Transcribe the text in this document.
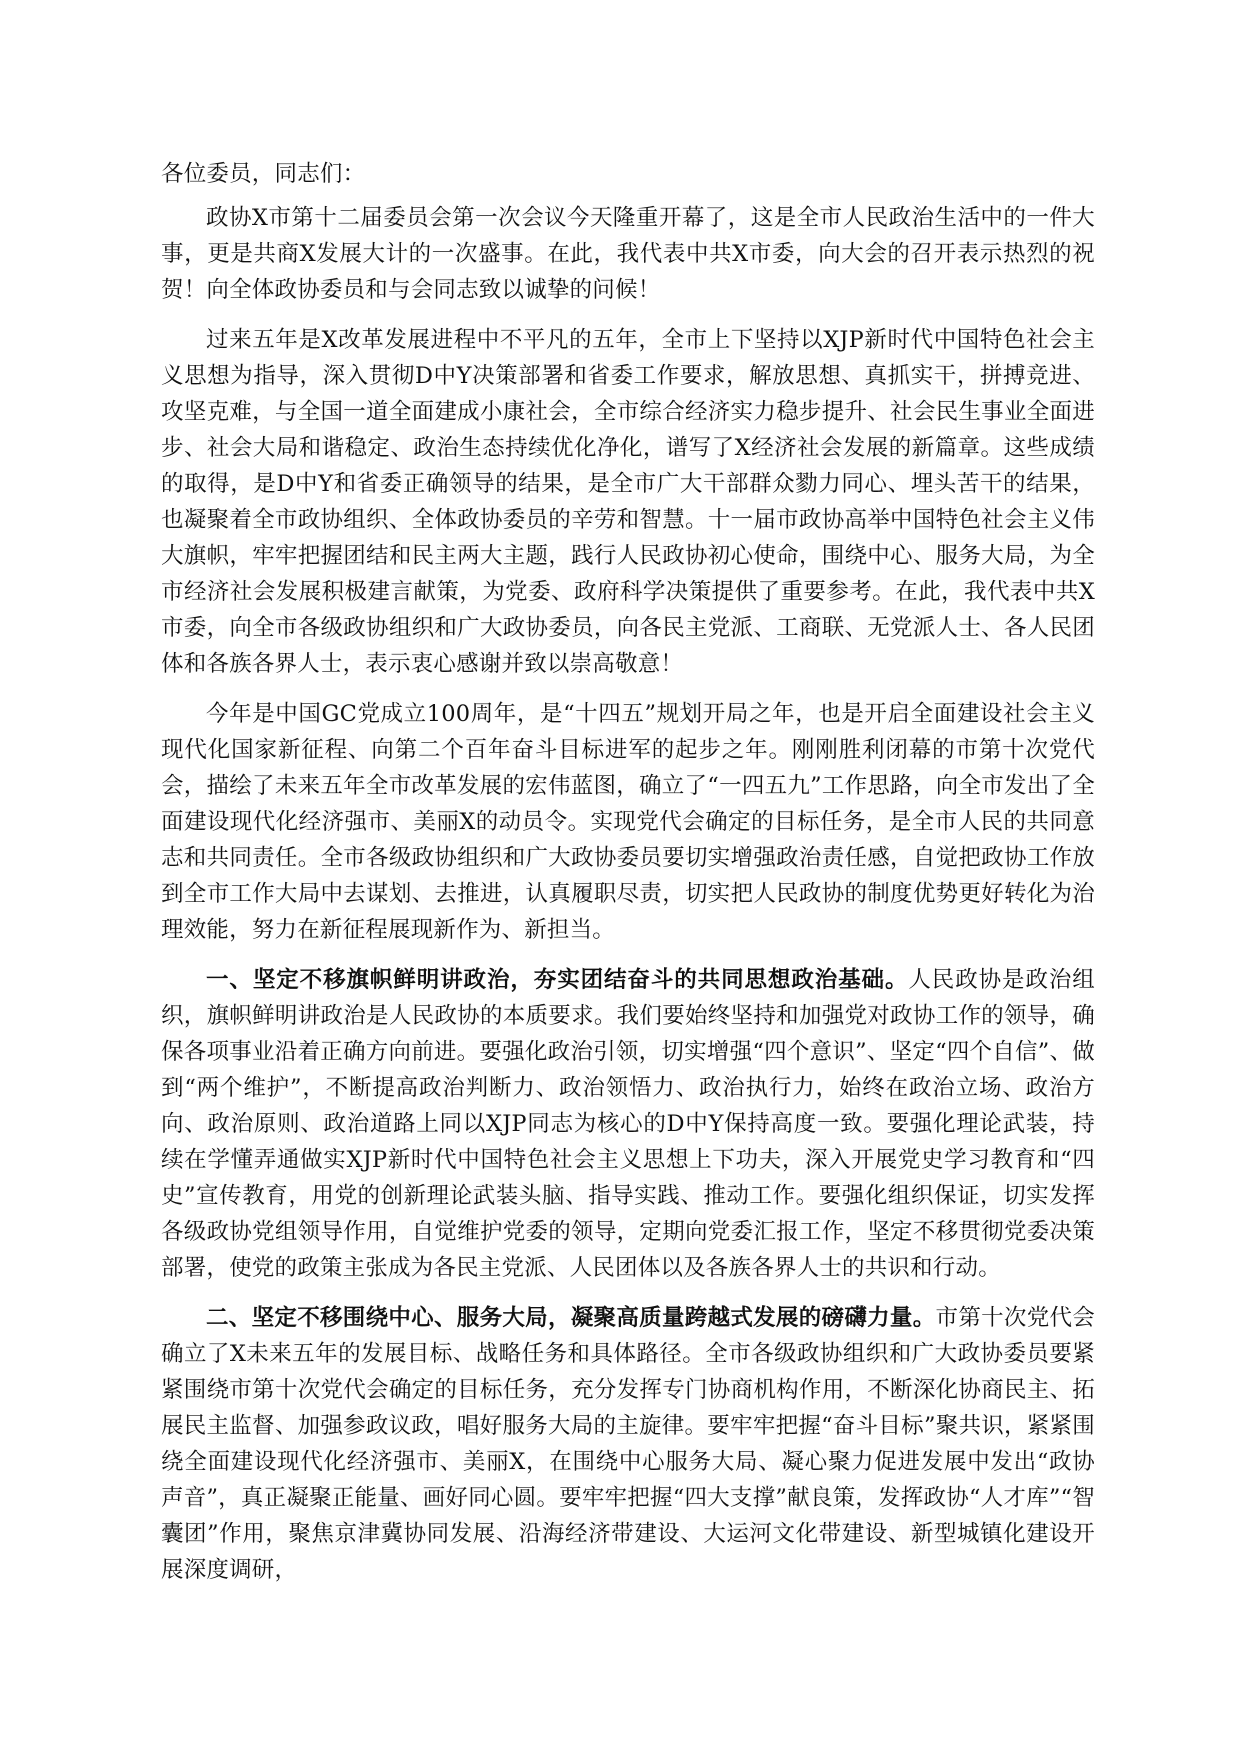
各位委员，同志们：

政协X市第十二届委员会第一次会议今天隆重开幕了，这是全市人民政治生活中的一件大事，更是共商X发展大计的一次盛事。在此，我代表中共X市委，向大会的召开表示热烈的祝贺！向全体政协委员和与会同志致以诚挚的问候！

过来五年是X改革发展进程中不平凡的五年，全市上下坚持以XJP新时代中国特色社会主义思想为指导，深入贯彻D中Y决策部署和省委工作要求，解放思想、真抓实干，拼搏竞进、攻坚克难，与全国一道全面建成小康社会，全市综合经济实力稳步提升、社会民生事业全面进步、社会大局和谐稳定、政治生态持续优化净化，谱写了X经济社会发展的新篇章。这些成绩的取得，是D中Y和省委正确领导的结果，是全市广大干部群众勠力同心、埋头苦干的结果，也凝聚着全市政协组织、全体政协委员的辛劳和智慧。十一届市政协高举中国特色社会主义伟大旗帜，牢牢把握团结和民主两大主题，践行人民政协初心使命，围绕中心、服务大局，为全市经济社会发展积极建言献策，为党委、政府科学决策提供了重要参考。在此，我代表中共X市委，向全市各级政协组织和广大政协委员，向各民主党派、工商联、无党派人士、各人民团体和各族各界人士，表示衷心感谢并致以崇高敬意！

今年是中国GC党成立100周年，是“十四五”规划开局之年，也是开启全面建设社会主义现代化国家新征程、向第二个百年奋斗目标进军的起步之年。刚刚胜利闭幕的市第十次党代会，描绘了未来五年全市改革发展的宏伟蓝图，确立了“一四五九”工作思路，向全市发出了全面建设现代化经济强市、美丽X的动员令。实现党代会确定的目标任务，是全市人民的共同意志和共同责任。全市各级政协组织和广大政协委员要切实增强政治责任感，自觉把政协工作放到全市工作大局中去谋划、去推进，认真履职尽责，切实把人民政协的制度优势更好转化为治理效能，努力在新征程展现新作为、新担当。

一、坚定不移旗帜鲜明讲政治，夯实团结奋斗的共同思想政治基础。人民政协是政治组织，旗帜鲜明讲政治是人民政协的本质要求。我们要始终坚持和加强党对政协工作的领导，确保各项事业沿着正确方向前进。要强化政治引领，切实增强“四个意识”、坚定“四个自信”、做到“两个维护”，不断提高政治判断力、政治领悟力、政治执行力，始终在政治立场、政治方向、政治原则、政治道路上同以XJP同志为核心的D中Y保持高度一致。要强化理论武装，持续在学懂弄通做实XJP新时代中国特色社会主义思想上下功夫，深入开展党史学习教育和“四史”宣传教育，用党的创新理论武装头脑、指导实践、推动工作。要强化组织保证，切实发挥各级政协党组领导作用，自觉维护党委的领导，定期向党委汇报工作，坚定不移贯彻党委决策部署，使党的政策主张成为各民主党派、人民团体以及各族各界人士的共识和行动。

二、坚定不移围绕中心、服务大局，凝聚高质量跨越式发展的磅礴力量。市第十次党代会确立了X未来五年的发展目标、战略任务和具体路径。全市各级政协组织和广大政协委员要紧紧围绕市第十次党代会确定的目标任务，充分发挥专门协商机构作用，不断深化协商民主、拓展民主监督、加强参政议政，唱好服务大局的主旋律。要牢牢把握“奋斗目标”聚共识，紧紧围绕全面建设现代化经济强市、美丽X，在围绕中心服务大局、凝心聚力促进发展中发出“政协声音”，真正凝聚正能量、画好同心圆。要牢牢把握“四大支撑”献良策，发挥政协“人才库”“智囊团”作用，聚焦京津冀协同发展、沿海经济带建设、大运河文化带建设、新型城镇化建设开展深度调研，
